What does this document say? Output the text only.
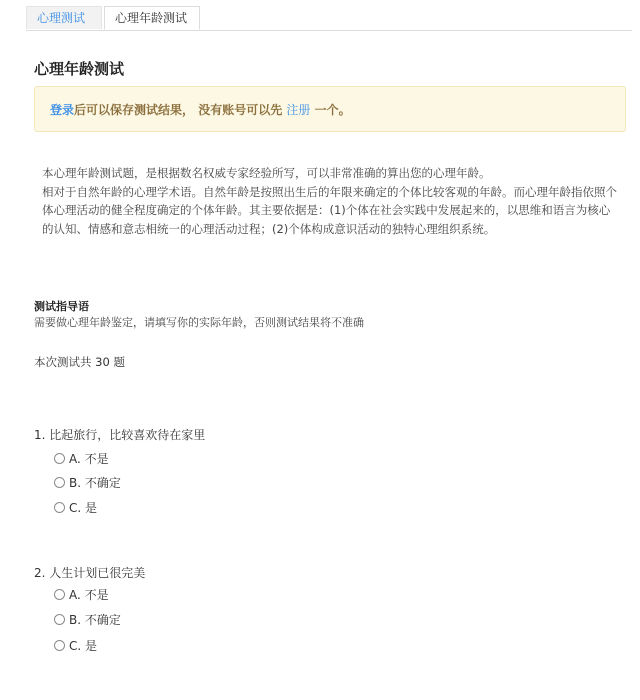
心理测试	心理年龄测试
心理年龄测试
登录后可以保存测试结果， 没有账号可以先 注册 一个。
本心理年龄测试题，是根据数名权威专家经验所写，可以非常准确的算出您的心理年龄。
相对于自然年龄的心理学术语。自然年龄是按照出生后的年限来确定的个体比较客观的年龄。而心理年龄指依照个体心理活动的健全程度确定的个体年龄。其主要依据是：(1)个体在社会实践中发展起来的，以思维和语言为核心的认知、情感和意志相统一的心理活动过程；(2)个体构成意识活动的独特心理组织系统。
测试指导语
需要做心理年龄鉴定，请填写你的实际年龄，否则测试结果将不准确
本次测试共 30 题
1. 比起旅行，比较喜欢待在家里
A. 不是
B. 不确定
C. 是
2. 人生计划已很完美
A. 不是
B. 不确定
C. 是
